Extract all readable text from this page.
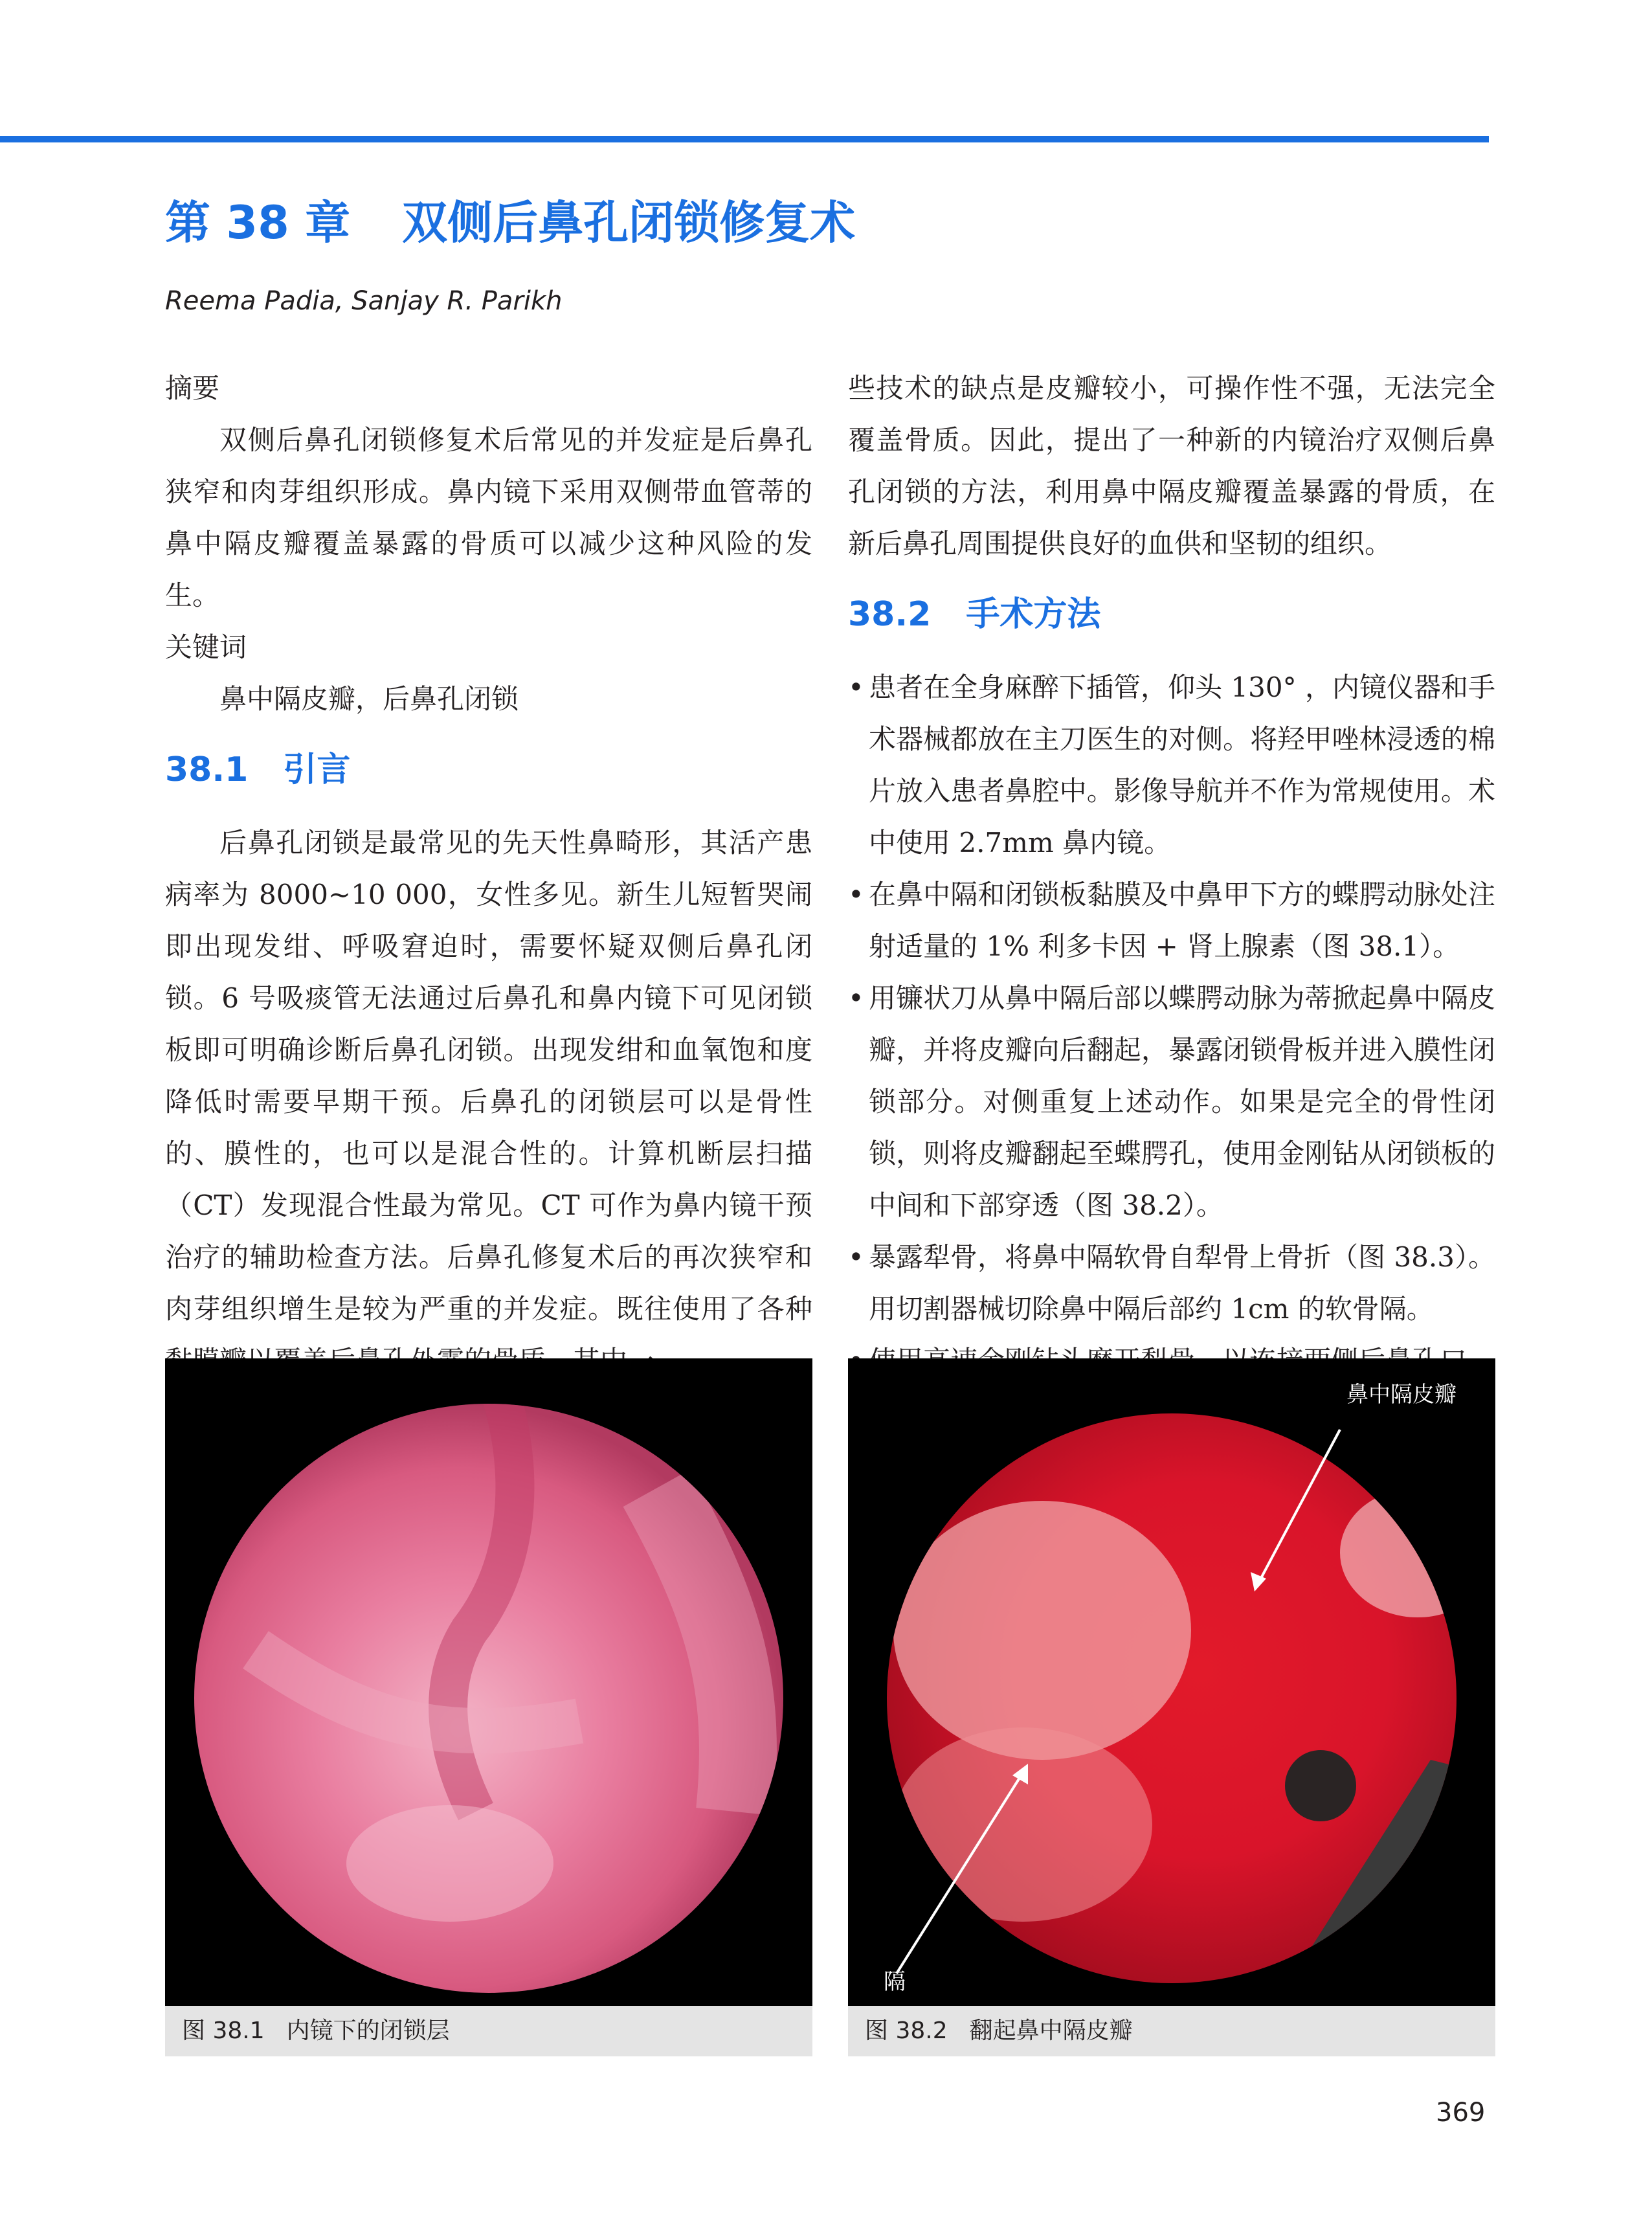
第 38 章 双侧后鼻孔闭锁修复术
Reema Padia, Sanjay R. Parikh
摘要

双侧后鼻孔闭锁修复术后常见的并发症是后鼻孔狭窄和肉芽组织形成。鼻内镜下采用双侧带血管蒂的鼻中隔皮瓣覆盖暴露的骨质可以减少这种风险的发生。

关键词

鼻中隔皮瓣，后鼻孔闭锁

38.1 引言

后鼻孔闭锁是最常见的先天性鼻畸形，其活产患病率为 8000~10 000，女性多见。新生儿短暂哭闹即出现发绀、呼吸窘迫时，需要怀疑双侧后鼻孔闭锁。6 号吸痰管无法通过后鼻孔和鼻内镜下可见闭锁板即可明确诊断后鼻孔闭锁。出现发绀和血氧饱和度降低时需要早期干预。后鼻孔的闭锁层可以是骨性的、膜性的，也可以是混合性的。计算机断层扫描（CT）发现混合性最为常见。CT 可作为鼻内镜干预治疗的辅助检查方法。后鼻孔修复术后的再次狭窄和肉芽组织增生是较为严重的并发症。既往使用了各种

些技术的缺点是皮瓣较小，可操作性不强，无法完全覆盖骨质。因此，提出了一种新的内镜治疗双侧后鼻孔闭锁的方法，利用鼻中隔皮瓣覆盖暴露的骨质，在新后鼻孔周围提供良好的血供和坚韧的组织。

38.2 手术方法
• 患者在全身麻醉下插管，仰头 130° ，内镜仪器和手术器械都放在主刀医生的对侧。将羟甲唑林浸透的棉片放入患者鼻腔中。影像导航并不作为常规使用。术中使用 2.7mm 鼻内镜。
• 在鼻中隔和闭锁板黏膜及中鼻甲下方的蝶腭动脉处注射适量的 1% 利多卡因 + 肾上腺素（图 38.1）。
• 用镰状刀从鼻中隔后部以蝶腭动脉为蒂掀起鼻中隔皮瓣，并将皮瓣向后翻起，暴露闭锁骨板并进入膜性闭锁部分。对侧重复上述动作。如果是完全的骨性闭锁，则将皮瓣翻起至蝶腭孔，使用金刚钻从闭锁板的中间和下部穿透（图 38.2）。
• 暴露犁骨，将鼻中隔软骨自犁骨上骨折（图 38.3）。用切割器械切除鼻中隔后部约 1cm 的软骨隔。
•
图 38.1 内镜下的闭锁层
鼻中隔皮瓣
隔
图 38.2 翻起鼻中隔皮瓣
369
